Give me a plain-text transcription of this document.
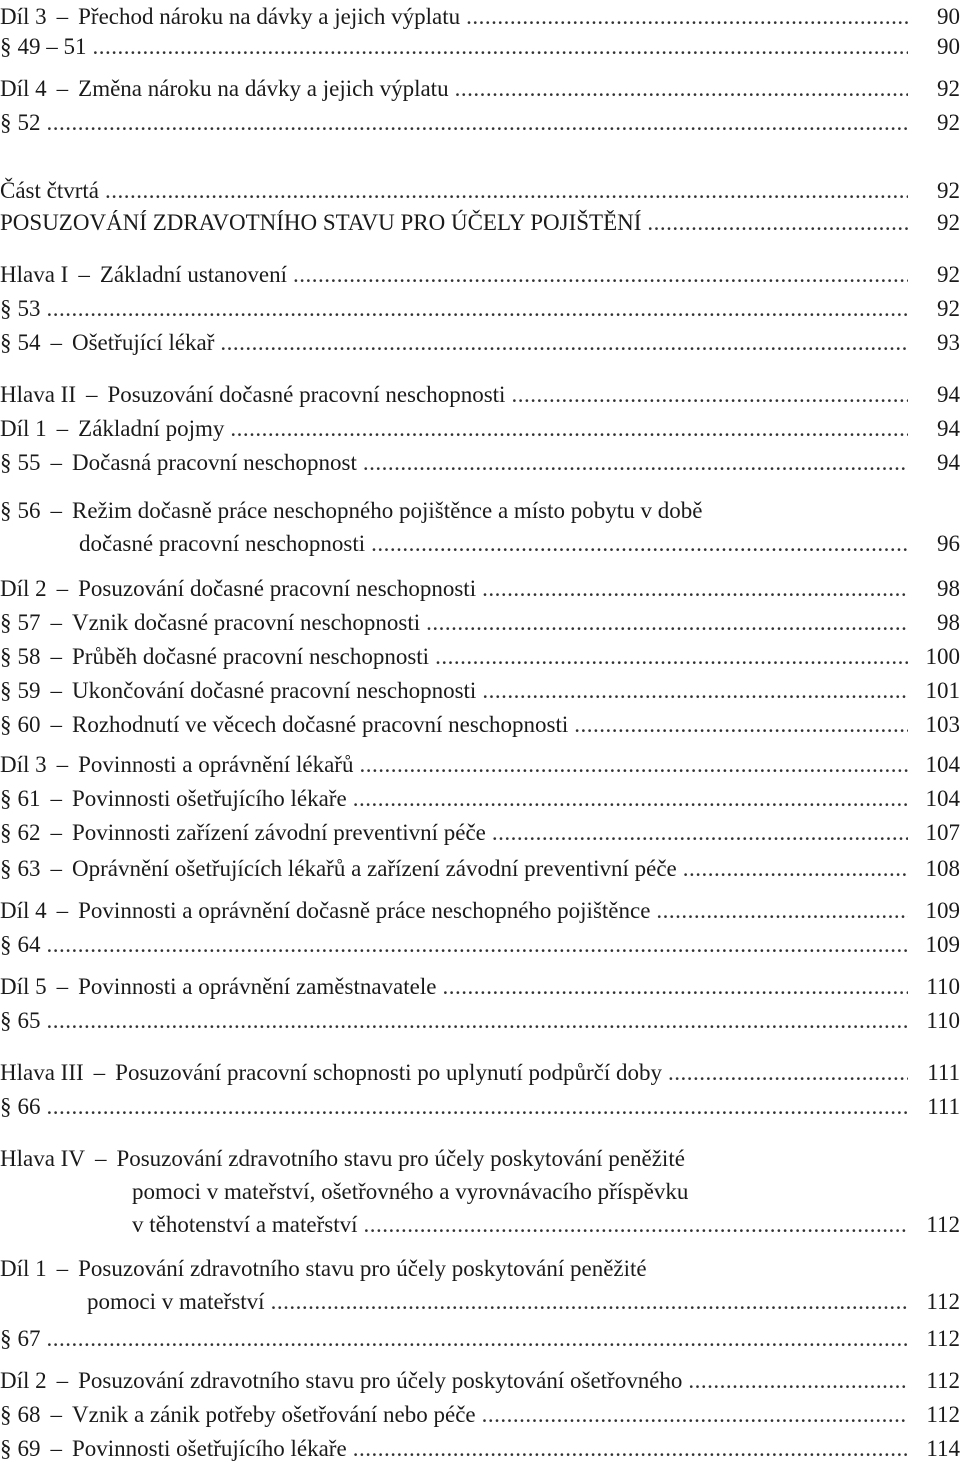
Díl 3 – Přechod nároku na dávky a jejich výplatu .....	90
§ 49 – 51 .....	90
Díl 4 – Změna nároku na dávky a jejich výplatu .....	92
§ 52 .....	92
Část čtvrtá .....	92
POSUZOVÁNÍ ZDRAVOTNÍHO STAVU PRO ÚČELY POJIŠTĚNÍ .....	92
Hlava I – Základní ustanovení .....	92
§ 53 .....	92
§ 54 – Ošetřující lékař .....	93
Hlava II – Posuzování dočasné pracovní neschopnosti .....	94
Díl 1 – Základní pojmy .....	94
§ 55 – Dočasná pracovní neschopnost .....	94
§ 56 – Režim dočasně práce neschopného pojištěnce a místo pobytu v době
dočasné pracovní neschopnosti .....	96
Díl 2 – Posuzování dočasné pracovní neschopnosti .....	98
§ 57 – Vznik dočasné pracovní neschopnosti .....	98
§ 58 – Průběh dočasné pracovní neschopnosti .....	100
§ 59 – Ukončování dočasné pracovní neschopnosti .....	101
§ 60 – Rozhodnutí ve věcech dočasné pracovní neschopnosti .....	103
Díl 3 – Povinnosti a oprávnění lékařů .....	104
§ 61 – Povinnosti ošetřujícího lékaře .....	104
§ 62 – Povinnosti zařízení závodní preventivní péče .....	107
§ 63 – Oprávnění ošetřujících lékařů a zařízení závodní preventivní péče .....	108
Díl 4 – Povinnosti a oprávnění dočasně práce neschopného pojištěnce .....	109
§ 64 .....	109
Díl 5 – Povinnosti a oprávnění zaměstnavatele .....	110
§ 65 .....	110
Hlava III – Posuzování pracovní schopnosti po uplynutí podpůrčí doby .....	111
§ 66 .....	111
Hlava IV – Posuzování zdravotního stavu pro účely poskytování peněžité
pomoci v mateřství, ošetřovného a vyrovnávacího příspěvku
v těhotenství a mateřství .....	112
Díl 1 – Posuzování zdravotního stavu pro účely poskytování peněžité
pomoci v mateřství .....	112
§ 67 .....	112
Díl 2 – Posuzování zdravotního stavu pro účely poskytování ošetřovného .....	112
§ 68 – Vznik a zánik potřeby ošetřování nebo péče .....	112
§ 69 – Povinnosti ošetřujícího lékaře .....	114
